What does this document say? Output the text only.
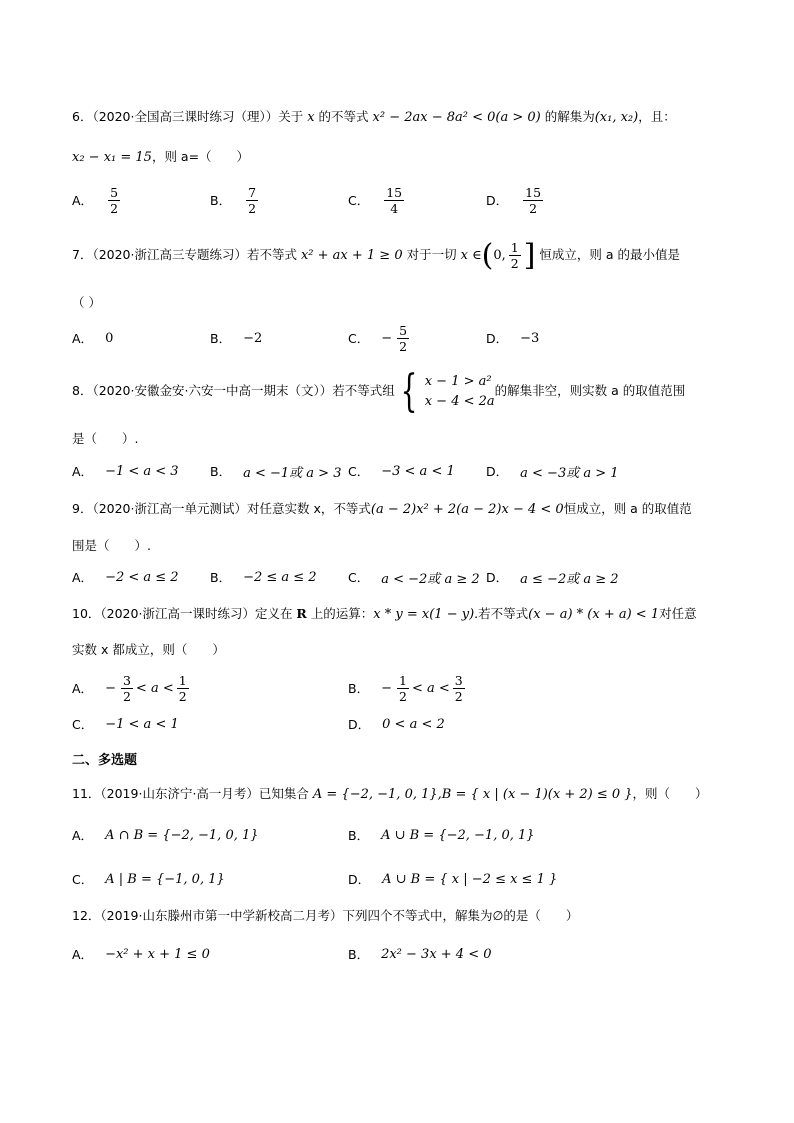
6．（2020·全国高三课时练习（理））关于 x 的不等式 x² − 2ax − 8a² < 0(a > 0) 的解集为(x₁, x₂)，且：
x₂ − x₁ = 15，则 a=（　　）
A． $\frac{5}{2}$	B． $\frac{7}{2}$	C． $\frac{15}{4}$	D． $\frac{15}{2}$
7．（2020·浙江高三专题练习）若不等式 x² + ax + 1 ≥ 0 对于一切 x ∈ ( 0, $\frac{1}{2}$ ] 恒成立，则 a 的最小值是
（ ）
A． 0	B． −2	C． − $\frac{5}{2}$	D． −3
8．（2020·安徽金安·六安一中高一期末（文））若不等式组 { x − 1 > a²
x − 4 < 2a
的解集非空，则实数 a 的取值范围
是（　　）.
A． −1 < a < 3	B． a < −1或 a > 3 C． −3 < a < 1	D． a < −3或 a > 1
9．（2020·浙江高一单元测试）对任意实数 x，不等式(a − 2)x² + 2(a − 2)x − 4 < 0恒成立，则 a 的取值范
围是（　　）.
A． −2 < a ≤ 2	B． −2 ≤ a ≤ 2	C． a < −2或 a ≥ 2 D． a ≤ −2或 a ≥ 2
10．（2020·浙江高一课时练习）定义在 R 上的运算：x * y = x(1 − y).若不等式(x − a) * (x + a) < 1对任意
实数 x 都成立，则（　　）
A． − $\frac{3}{2} < a < \frac{1}{2}$	B． − $\frac{1}{2} < a < \frac{3}{2}$
C． −1 < a < 1	D． 0 < a < 2
二、多选题
11．（2019·山东济宁·高一月考）已知集合 A = {−2, −1, 0, 1},B = { x | (x − 1)(x + 2) ≤ 0 }，则（　　）
A． A ∩ B = {−2, −1, 0, 1}	B． A ∪ B = {−2, −1, 0, 1}
C． A | B = {−1, 0, 1}	D． A ∪ B = { x | −2 ≤ x ≤ 1 }
12．（2019·山东滕州市第一中学新校高二月考）下列四个不等式中，解集为∅的是（　　）
A． −x² + x + 1 ≤ 0	B． 2x² − 3x + 4 < 0
